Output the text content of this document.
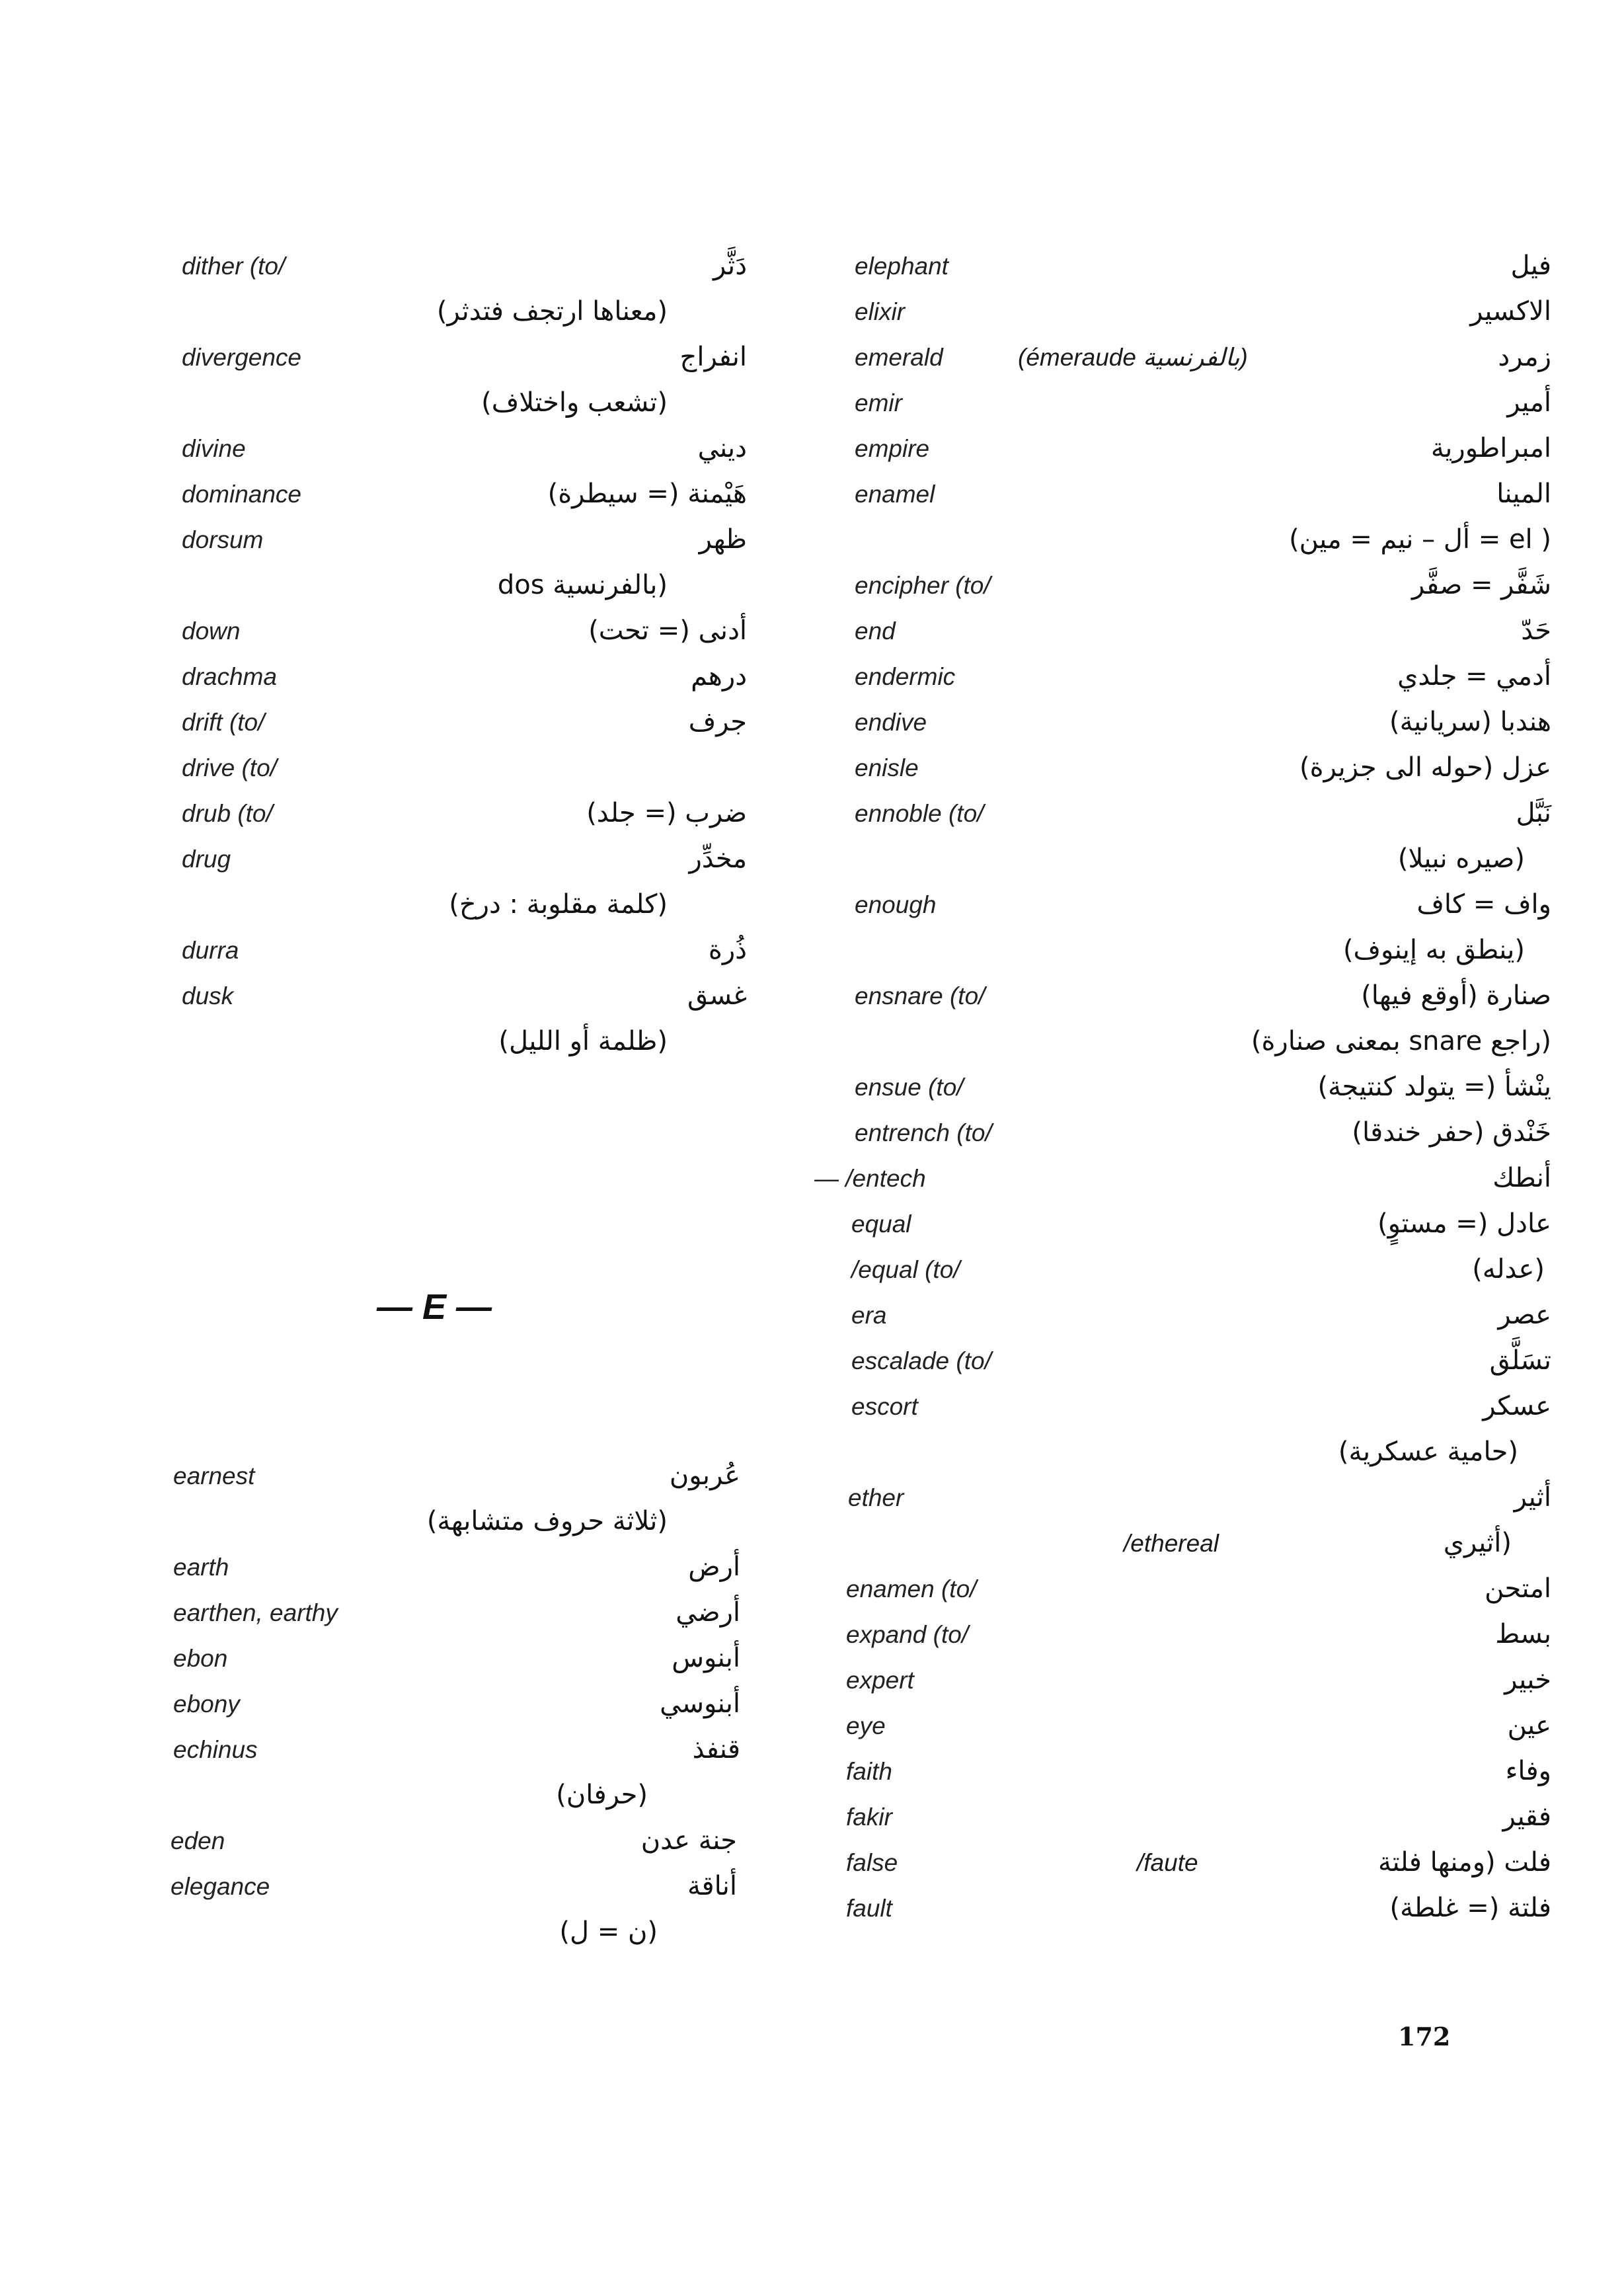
dither (to/	دَثَّر
(معناها ارتجف فتدثر)
divergence	انفراج
(تشعب واختلاف)
divine	ديني
dominance	هَيْمنة (= سيطرة)
dorsum	ظهر
(بالفرنسية dos
down	أدنى (= تحت)
drachma	درهم
drift (to/	جرف
drive (to/
drub (to/	ضرب (= جلد)
drug	مخدِّر
(كلمة مقلوبة : درخ)
durra	ذُرة
dusk	غسق
(ظلمة أو الليل)
earnest	عُربون
(ثلاثة حروف متشابهة)
earth	أرض
earthen, earthy	أرضي
ebon	أبنوس
ebony	أبنوسي
echinus	قنفذ
(حرفان)
eden	جنة عدن
elegance	أناقة
(ن = ل)
— E —
elephant	فيل
elixir	الاكسير
emerald	(émeraude بالفرنسية)	زمرد
emir	أمير
empire	امبراطورية
enamel	المينا
( el = أل – نيم = مين)
encipher (to/	شَفَّر = صفَّر
end	حَدّ
endermic	أدمي = جلدي
endive	هندبا (سريانية)
enisle	عزل (حوله الى جزيرة)
ennoble (to/	نَبَّل
(صيره نبيلا)
enough	واف = كاف
(ينطق به إينوف)
ensnare (to/	صنارة (أوقع فيها)
(راجع snare بمعنى صنارة)
ensue (to/	ينْشأ (= يتولد كنتيجة)
entrench (to/	خَنْدق (حفر خندقا)
— /entech	أنطك
equal	عادل (= مستوٍ)
/equal (to/	(عدله)
era	عصر
escalade (to/	تسَلَّق
escort	عسكر
(حامية عسكرية)
ether	أثير
/ethereal	(أثيري
enamen (to/	امتحن
expand (to/	بسط
expert	خبير
eye	عين
faith	وفاء
fakir	فقير
false	/faute	فلت (ومنها فلتة
fault	فلتة (= غلطة)
172
